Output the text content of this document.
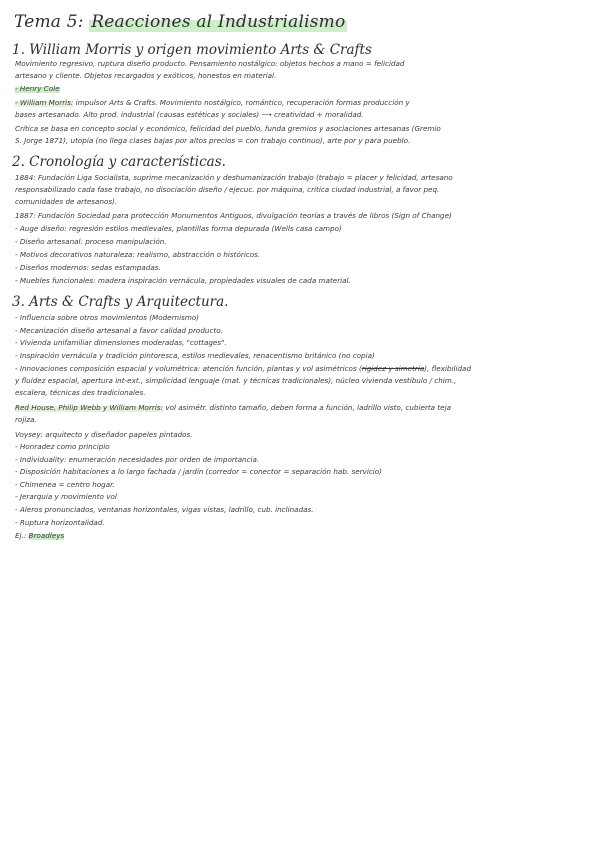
Tema 5: Reacciones al Industrialismo
1. William Morris y origen movimiento Arts & Crafts
Movimiento regresivo, ruptura diseño producto. Pensamiento nostálgico: objetos hechos a mano = felicidad
artesano y cliente. Objetos recargados y exóticos, honestos en material.
- Henry Cole
- William Morris: impulsor Arts & Crafts. Movimiento nostálgico, romántico, recuperación formas producción y
bases artesanado. Alto prod. industrial (causas estéticas y sociales) ⟶ creatividad + moralidad.
Crítica se basa en concepto social y económico, felicidad del pueblo, funda gremios y asociaciones artesanas (Gremio
S. Jorge 1871), utopía (no llega clases bajas por altos precios = con trabajo continuo), arte por y para pueblo.
2. Cronología y características.
1884: Fundación Liga Socialista, suprime mecanización y deshumanización trabajo (trabajo = placer y felicidad, artesano
responsabilizado cada fase trabajo, no disociación diseño / ejecuc. por máquina, crítica ciudad industrial, a favor peq.
comunidades de artesanos).
1887: Fundación Sociedad para protección Monumentos Antiguos, divulgación teorías a través de libros (Sign of Change)
- Auge diseño: regresión estilos medievales, plantillas forma depurada (Wells casa campo)
- Diseño artesanal: proceso manipulación.
- Motivos decorativos naturaleza: realismo, abstracción o históricos.
- Diseños modernos: sedas estampadas.
- Muebles funcionales: madera inspiración vernácula, propiedades visuales de cada material.
3. Arts & Crafts y Arquitectura.
- Influencia sobre otros movimientos (Modernismo)
- Mecanización diseño artesanal a favor calidad producto.
- Vivienda unifamiliar dimensiones moderadas, "cottages".
- Inspiración vernácula y tradición pintoresca, estilos medievales, renacentismo británico (no copia)
- Innovaciones composición espacial y volumétrica: atención función, plantas y vol asimétricos (rigidez y simetría), flexibilidad
y fluidez espacial, apertura int-ext., simplicidad lenguaje (mat. y técnicas tradicionales), núcleo vivienda vestíbulo / chim.,
escalera, técnicas des tradicionales.
Red House, Philip Webb y William Morris: vol asimétr. distinto tamaño, deben forma a función, ladrillo visto, cubierta teja
rojiza.
Voysey: arquitecto y diseñador papeles pintados.
- Honradez como principio
- Individuality: enumeración necesidades por orden de importancia.
- Disposición habitaciones a lo largo fachada / jardín (corredor = conector = separación hab. servicio)
- Chimenea = centro hogar.
- Jerarquía y movimiento vol
- Aleros pronunciados, ventanas horizontales, vigas vistas, ladrillo, cub. inclinadas.
- Ruptura horizontalidad.
Ej.: Broadleys
